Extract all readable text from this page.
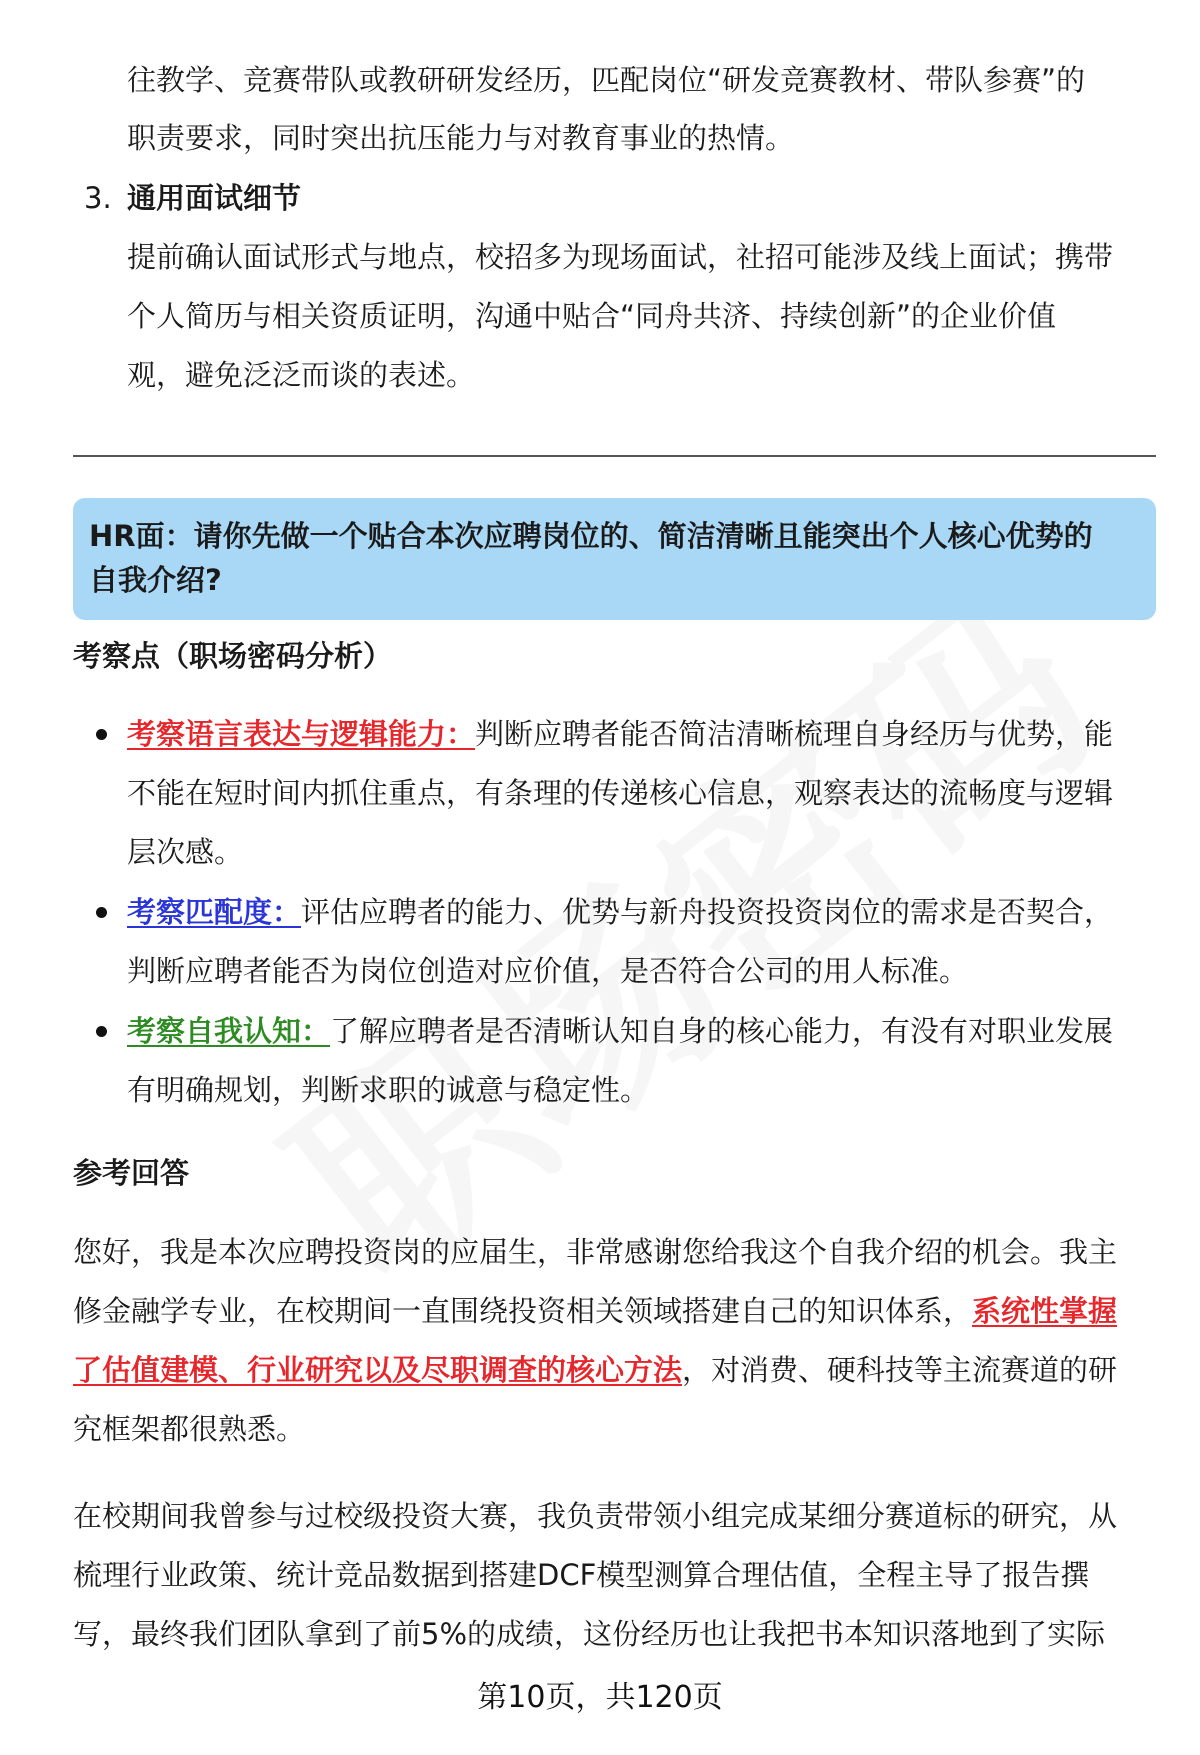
往教学、竞赛带队或教研研发经历，匹配岗位“研发竞赛教材、带队参赛”的
职责要求，同时突出抗压能力与对教育事业的热情。
3. 通用面试细节
提前确认面试形式与地点，校招多为现场面试，社招可能涉及线上面试；携带
个人简历与相关资质证明，沟通中贴合“同舟共济、持续创新”的企业价值
观，避免泛泛而谈的表述。
HR面：请你先做一个贴合本次应聘岗位的、简洁清晰且能突出个人核心优势的
自我介绍?
考察点（职场密码分析）
考察语言表达与逻辑能力：判断应聘者能否简洁清晰梳理自身经历与优势，能
不能在短时间内抓住重点，有条理的传递核心信息，观察表达的流畅度与逻辑
层次感。
考察匹配度：评估应聘者的能力、优势与新舟投资投资岗位的需求是否契合，
判断应聘者能否为岗位创造对应价值，是否符合公司的用人标准。
考察自我认知：了解应聘者是否清晰认知自身的核心能力，有没有对职业发展
有明确规划，判断求职的诚意与稳定性。
参考回答
您好，我是本次应聘投资岗的应届生，非常感谢您给我这个自我介绍的机会。我主
修金融学专业，在校期间一直围绕投资相关领域搭建自己的知识体系，系统性掌握
了估值建模、行业研究以及尽职调查的核心方法，对消费、硬科技等主流赛道的研
究框架都很熟悉。
在校期间我曾参与过校级投资大赛，我负责带领小组完成某细分赛道标的研究，从
梳理行业政策、统计竞品数据到搭建DCF模型测算合理估值，全程主导了报告撰
写，最终我们团队拿到了前5%的成绩，这份经历也让我把书本知识落地到了实际
第10页，共120页
